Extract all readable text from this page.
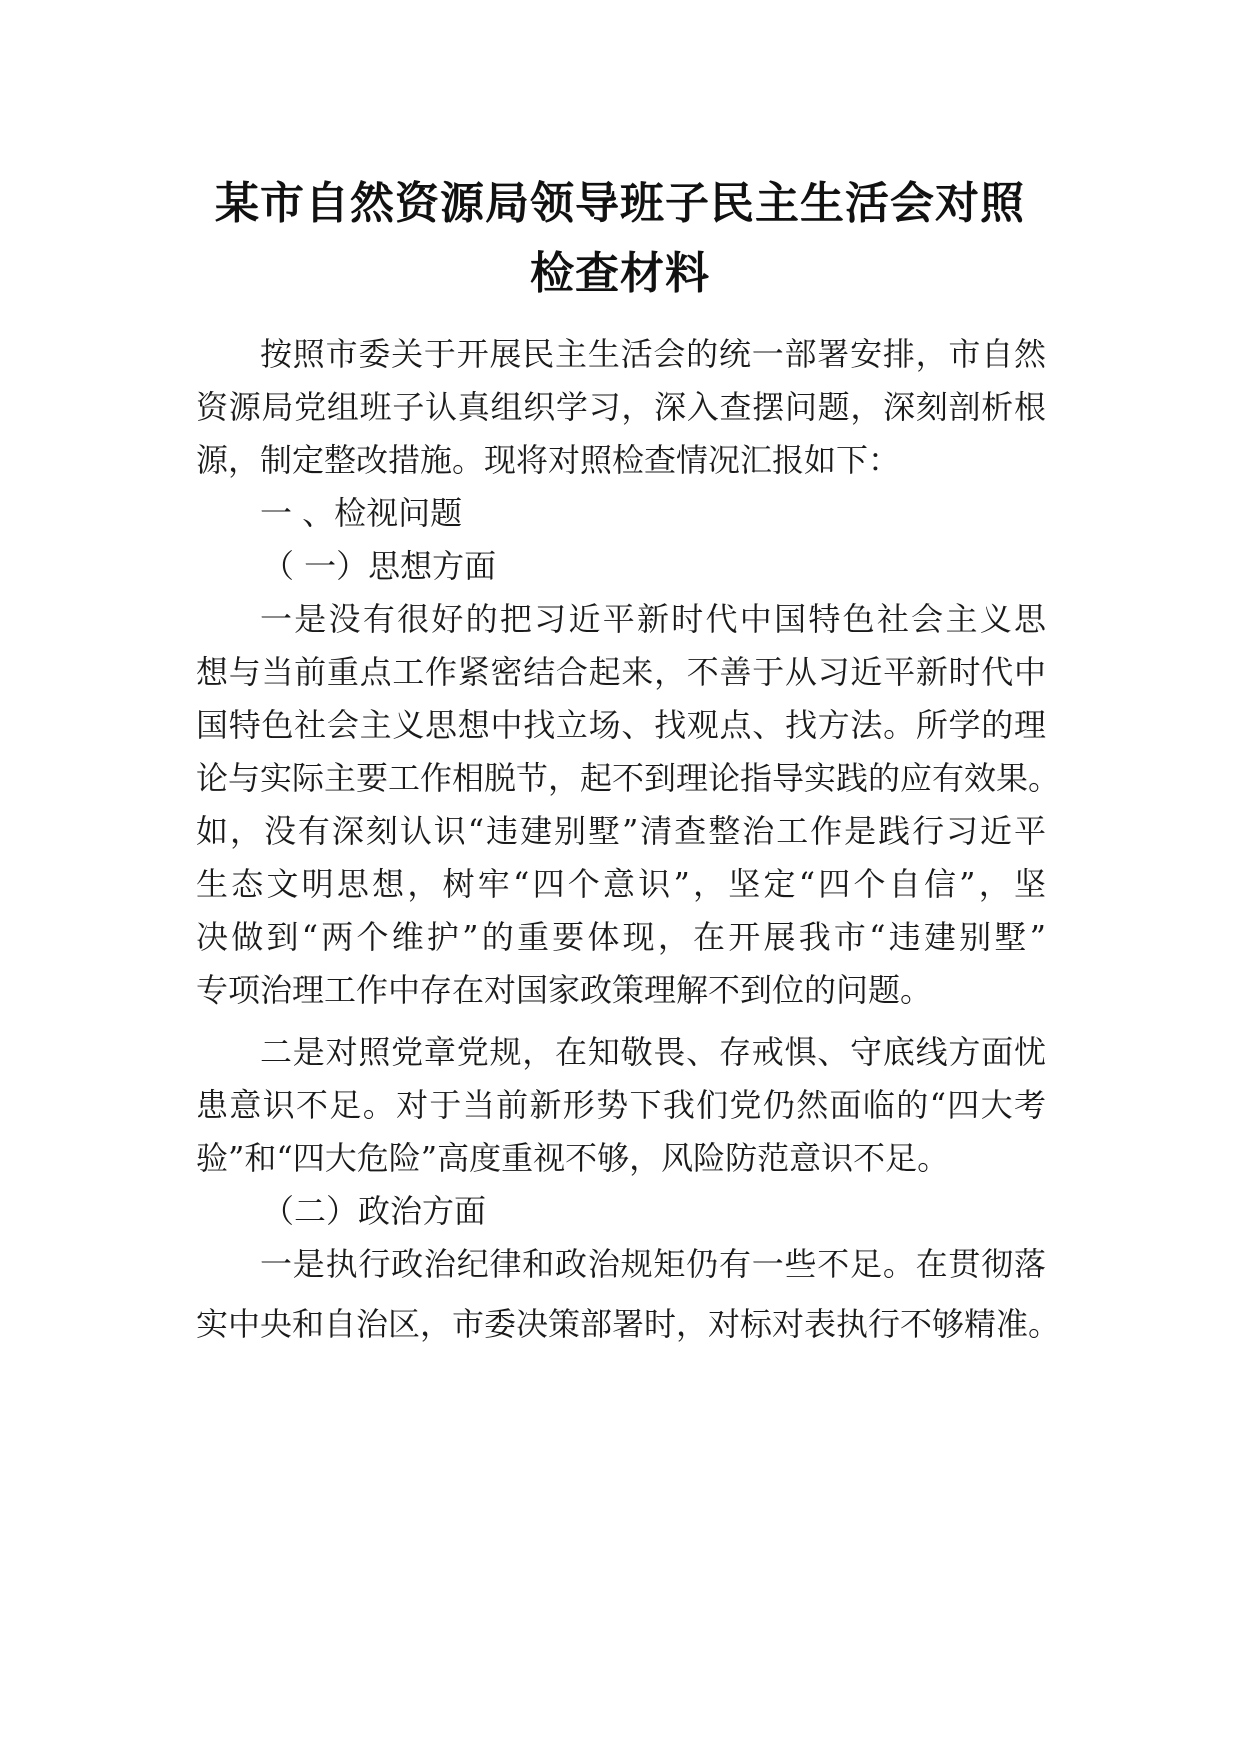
某市自然资源局领导班子民主生活会对照
检查材料
按照市委关于开展民主生活会的统一部署安排，市自然
资源局党组班子认真组织学习，深入查摆问题，深刻剖析根
源，制定整改措施。现将对照检查情况汇报如下：
一 、检视问题
（ 一）思想方面
一是没有很好的把习近平新时代中国特色社会主义思
想与当前重点工作紧密结合起来，不善于从习近平新时代中
国特色社会主义思想中找立场、找观点、找方法。所学的理
论与实际主要工作相脱节，起不到理论指导实践的应有效果。
如，没有深刻认识“违建别墅”清查整治工作是践行习近平
生态文明思想，树牢“四个意识”，坚定“四个自信”，坚
决做到“两个维护”的重要体现，在开展我市“违建别墅”
专项治理工作中存在对国家政策理解不到位的问题。
二是对照党章党规，在知敬畏、存戒惧、守底线方面忧
患意识不足。对于当前新形势下我们党仍然面临的“四大考
验”和“四大危险”高度重视不够，风险防范意识不足。
（二）政治方面
一是执行政治纪律和政治规矩仍有一些不足。在贯彻落
实中央和自治区，市委决策部署时，对标对表执行不够精准。
